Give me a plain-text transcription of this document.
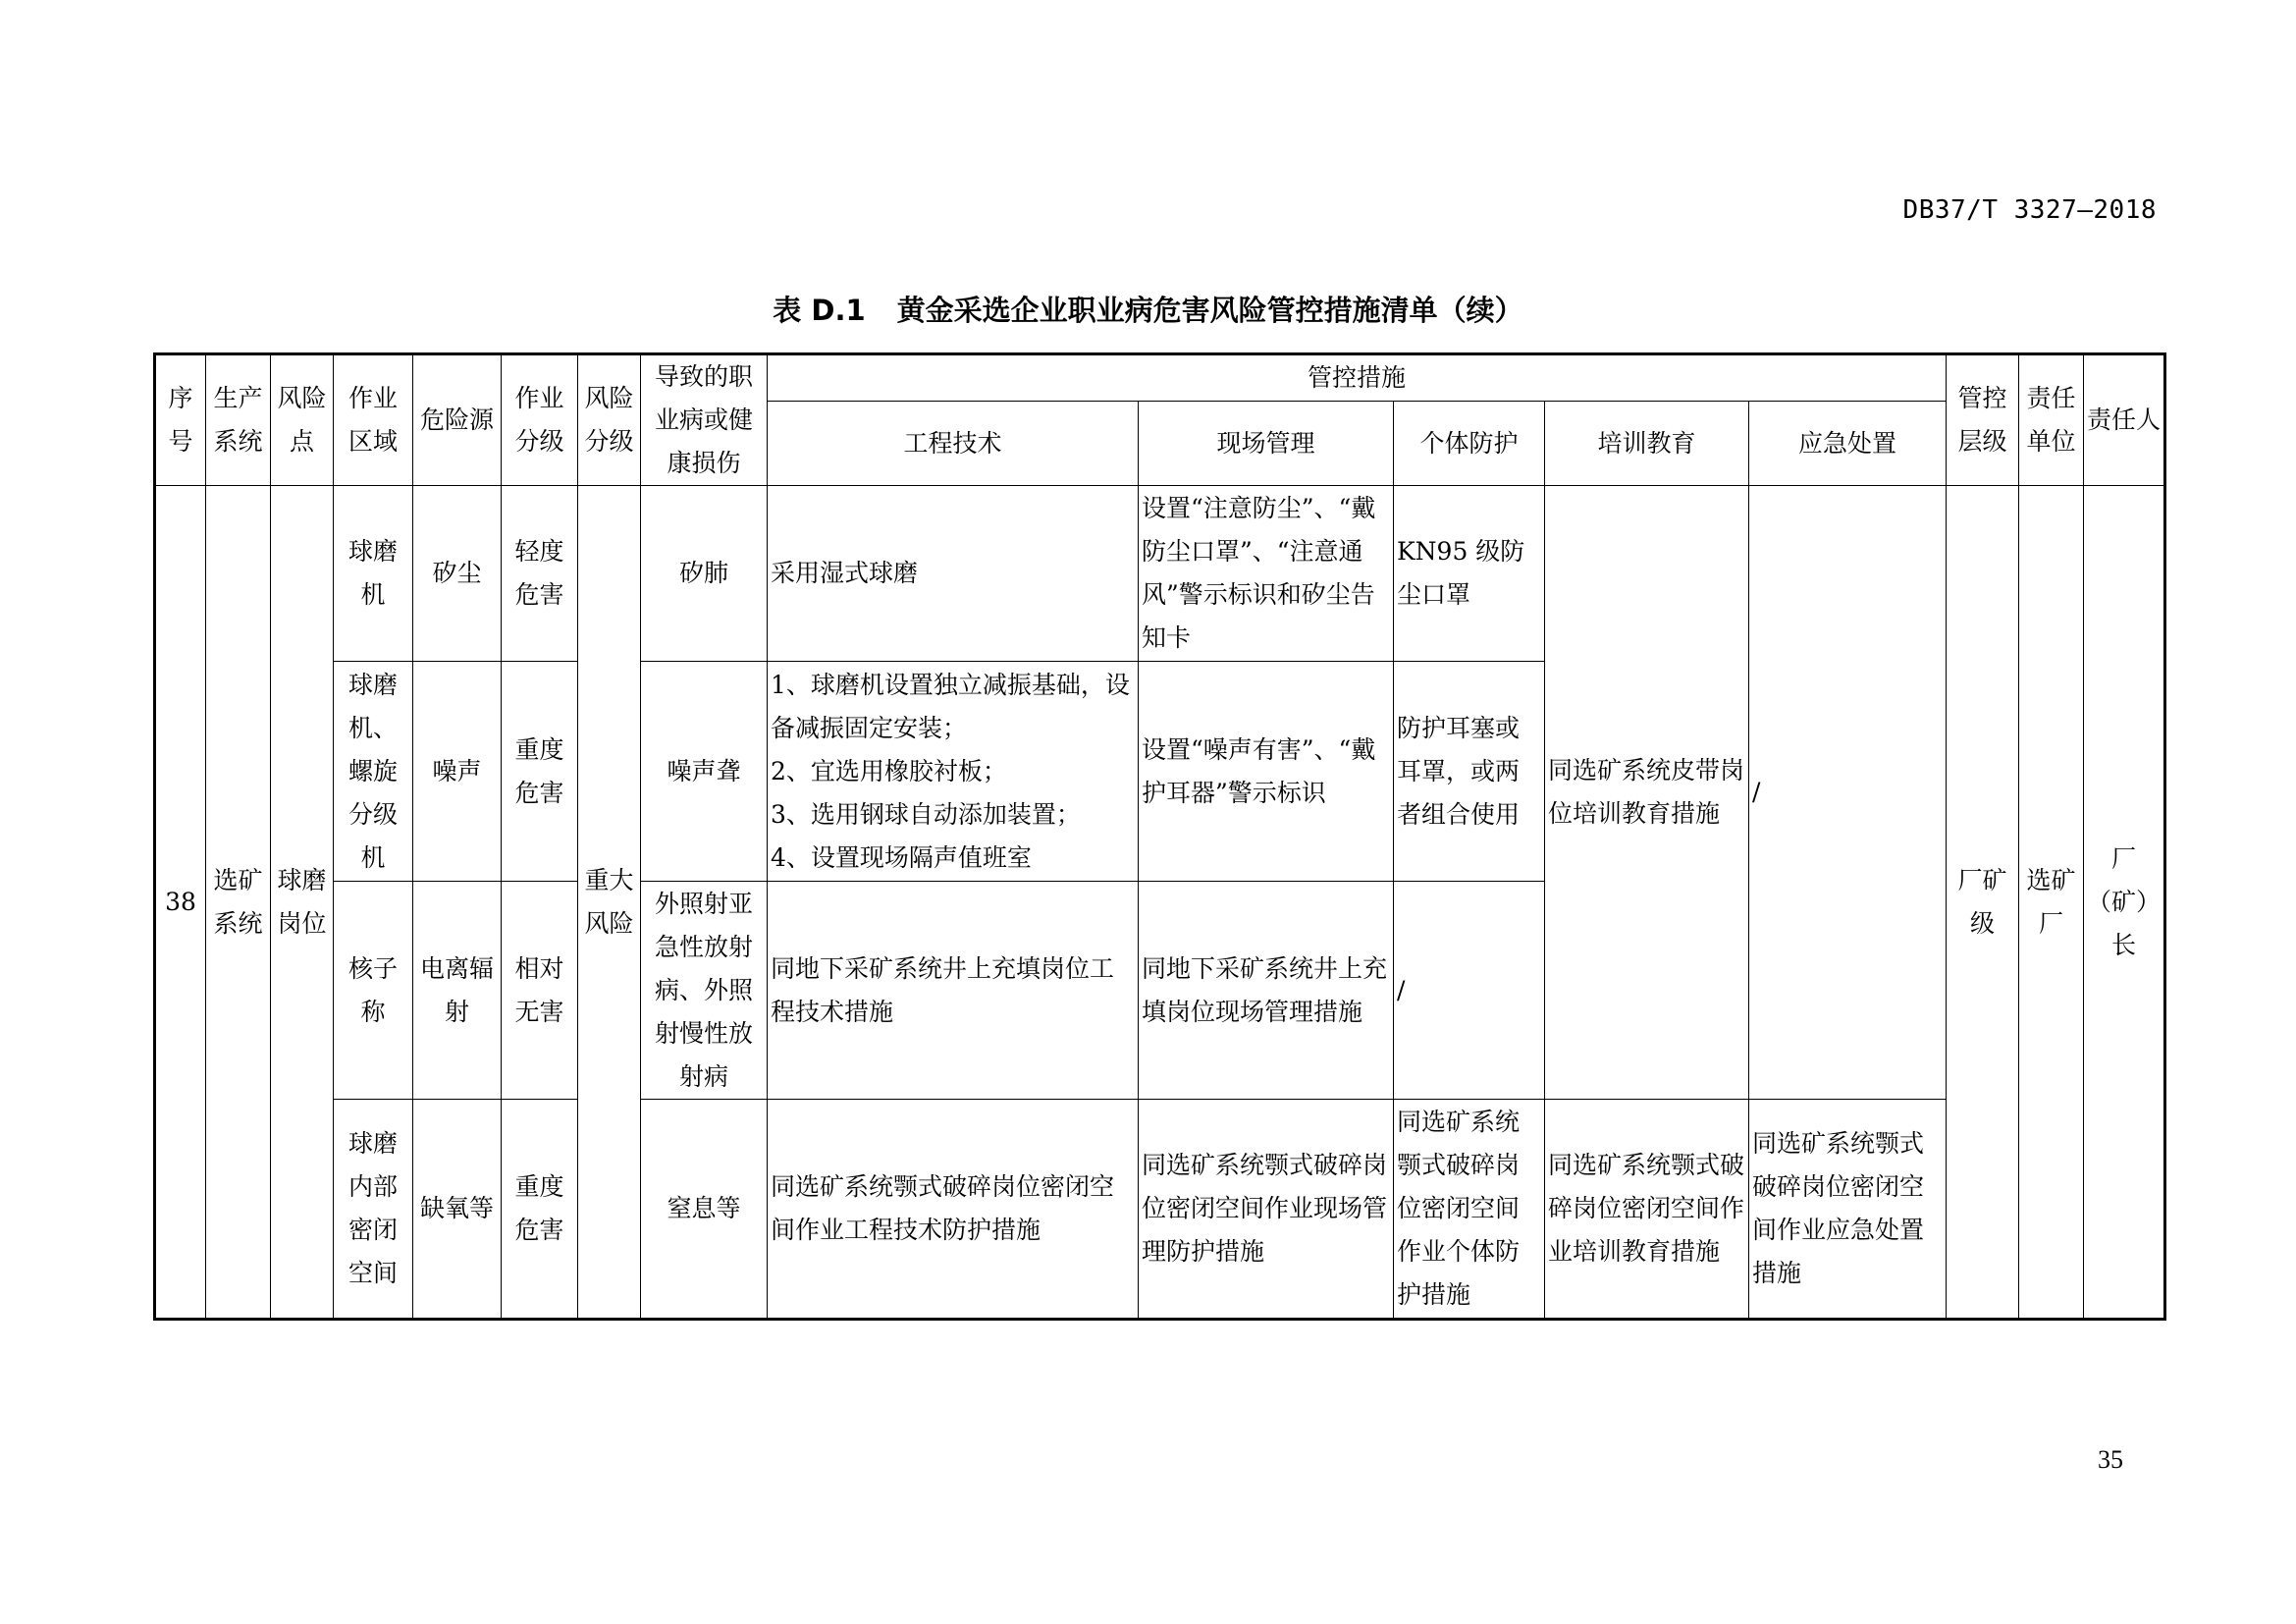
DB37/T 3327—2018
表 D.1 黄金采选企业职业病危害风险管控措施清单（续）
序号	生产系统	风险点	作业区域	危险源	作业分级	风险分级	导致的职业病或健康损伤	管控措施					管控层级	责任单位	责任人
								工程技术	现场管理	个体防护	培训教育	应急处置			
38	选矿系统	球磨岗位	球磨机	矽尘	轻度危害	重大风险	矽肺	采用湿式球磨	设置“注意防尘”、“戴防尘口罩”、“注意通风”警示标识和矽尘告知卡	KN95 级防尘口罩	同选矿系统皮带岗位培训教育措施	/	厂矿级	选矿厂	厂（矿）长
			球磨机、螺旋分级机	噪声	重度危害		噪声聋	1、球磨机设置独立减振基础，设备减振固定安装；
2、宜选用橡胶衬板；
3、选用钢球自动添加装置；
4、设置现场隔声值班室	设置“噪声有害”、“戴护耳器”警示标识	防护耳塞或耳罩，或两者组合使用					
			核子称	电离辐射	相对无害		外照射亚急性放射病、外照射慢性放射病	同地下采矿系统井上充填岗位工程技术措施	同地下采矿系统井上充填岗位现场管理措施	/					
			球磨内部密闭空间	缺氧等	重度危害		窒息等	同选矿系统颚式破碎岗位密闭空间作业工程技术防护措施	同选矿系统颚式破碎岗位密闭空间作业现场管理防护措施	同选矿系统颚式破碎岗位密闭空间作业个体防护措施	同选矿系统颚式破碎岗位密闭空间作业培训教育措施	同选矿系统颚式破碎岗位密闭空间作业应急处置措施			
35
